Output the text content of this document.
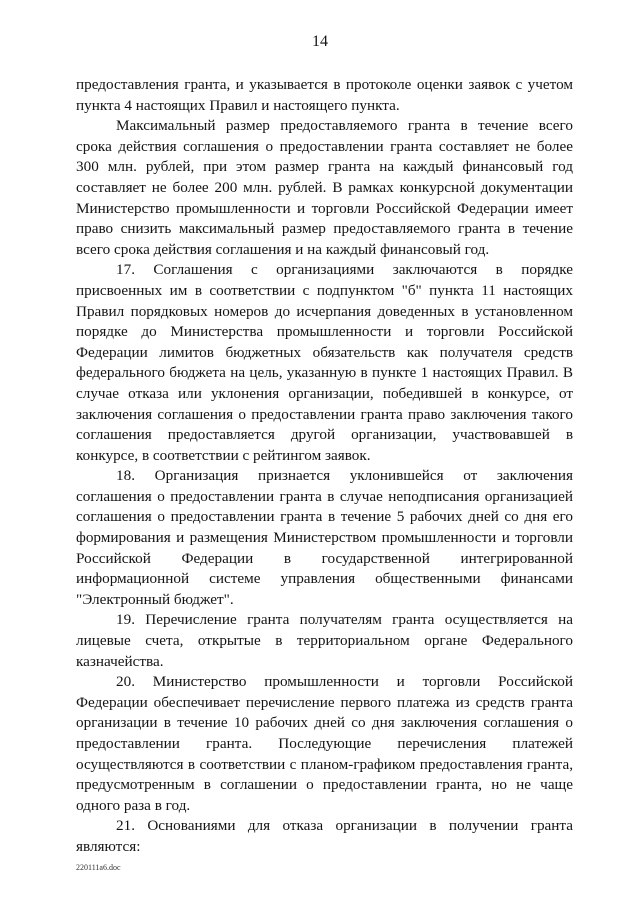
14

предоставления гранта, и указывается в протоколе оценки заявок с учетом пункта 4 настоящих Правил и настоящего пункта.

Максимальный размер предоставляемого гранта в течение всего срока действия соглашения о предоставлении гранта составляет не более 300 млн. рублей, при этом размер гранта на каждый финансовый год составляет не более 200 млн. рублей. В рамках конкурсной документации Министерство промышленности и торговли Российской Федерации имеет право снизить максимальный размер предоставляемого гранта в течение всего срока действия соглашения и на каждый финансовый год.

17. Соглашения с организациями заключаются в порядке присвоенных им в соответствии с подпунктом "б" пункта 11 настоящих Правил порядковых номеров до исчерпания доведенных в установленном порядке до Министерства промышленности и торговли Российской Федерации лимитов бюджетных обязательств как получателя средств федерального бюджета на цель, указанную в пункте 1 настоящих Правил. В случае отказа или уклонения организации, победившей в конкурсе, от заключения соглашения о предоставлении гранта право заключения такого соглашения предоставляется другой организации, участвовавшей в конкурсе, в соответствии с рейтингом заявок.

18. Организация признается уклонившейся от заключения соглашения о предоставлении гранта в случае неподписания организацией соглашения о предоставлении гранта в течение 5 рабочих дней со дня его формирования и размещения Министерством промышленности и торговли Российской Федерации в государственной интегрированной информационной системе управления общественными финансами "Электронный бюджет".

19. Перечисление гранта получателям гранта осуществляется на лицевые счета, открытые в территориальном органе Федерального казначейства.

20. Министерство промышленности и торговли Российской Федерации обеспечивает перечисление первого платежа из средств гранта организации в течение 10 рабочих дней со дня заключения соглашения о предоставлении гранта. Последующие перечисления платежей осуществляются в соответствии с планом-графиком предоставления гранта, предусмотренным в соглашении о предоставлении гранта, но не чаще одного раза в год.

21. Основаниями для отказа организации в получении гранта являются:

220111a6.doc
